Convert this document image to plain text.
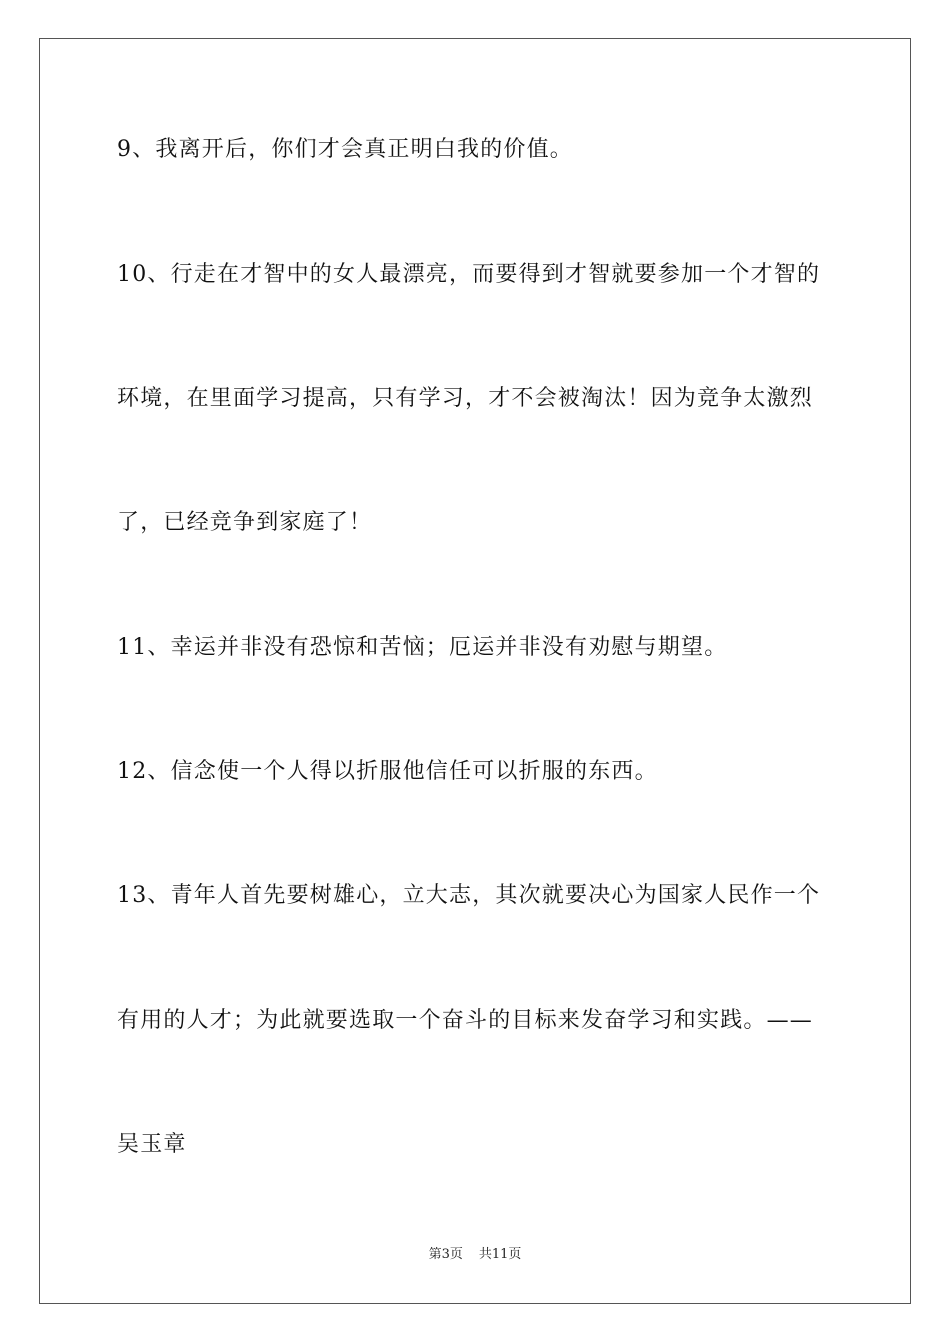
9、我离开后，你们才会真正明白我的价值。
10、行走在才智中的女人最漂亮，而要得到才智就要参加一个才智的
环境，在里面学习提高，只有学习，才不会被淘汰！因为竞争太激烈
了，已经竞争到家庭了！
11、幸运并非没有恐惊和苦恼；厄运并非没有劝慰与期望。
12、信念使一个人得以折服他信任可以折服的东西。
13、青年人首先要树雄心，立大志，其次就要决心为国家人民作一个
有用的人才；为此就要选取一个奋斗的目标来发奋学习和实践。——
吴玉章
第3页 共11页
